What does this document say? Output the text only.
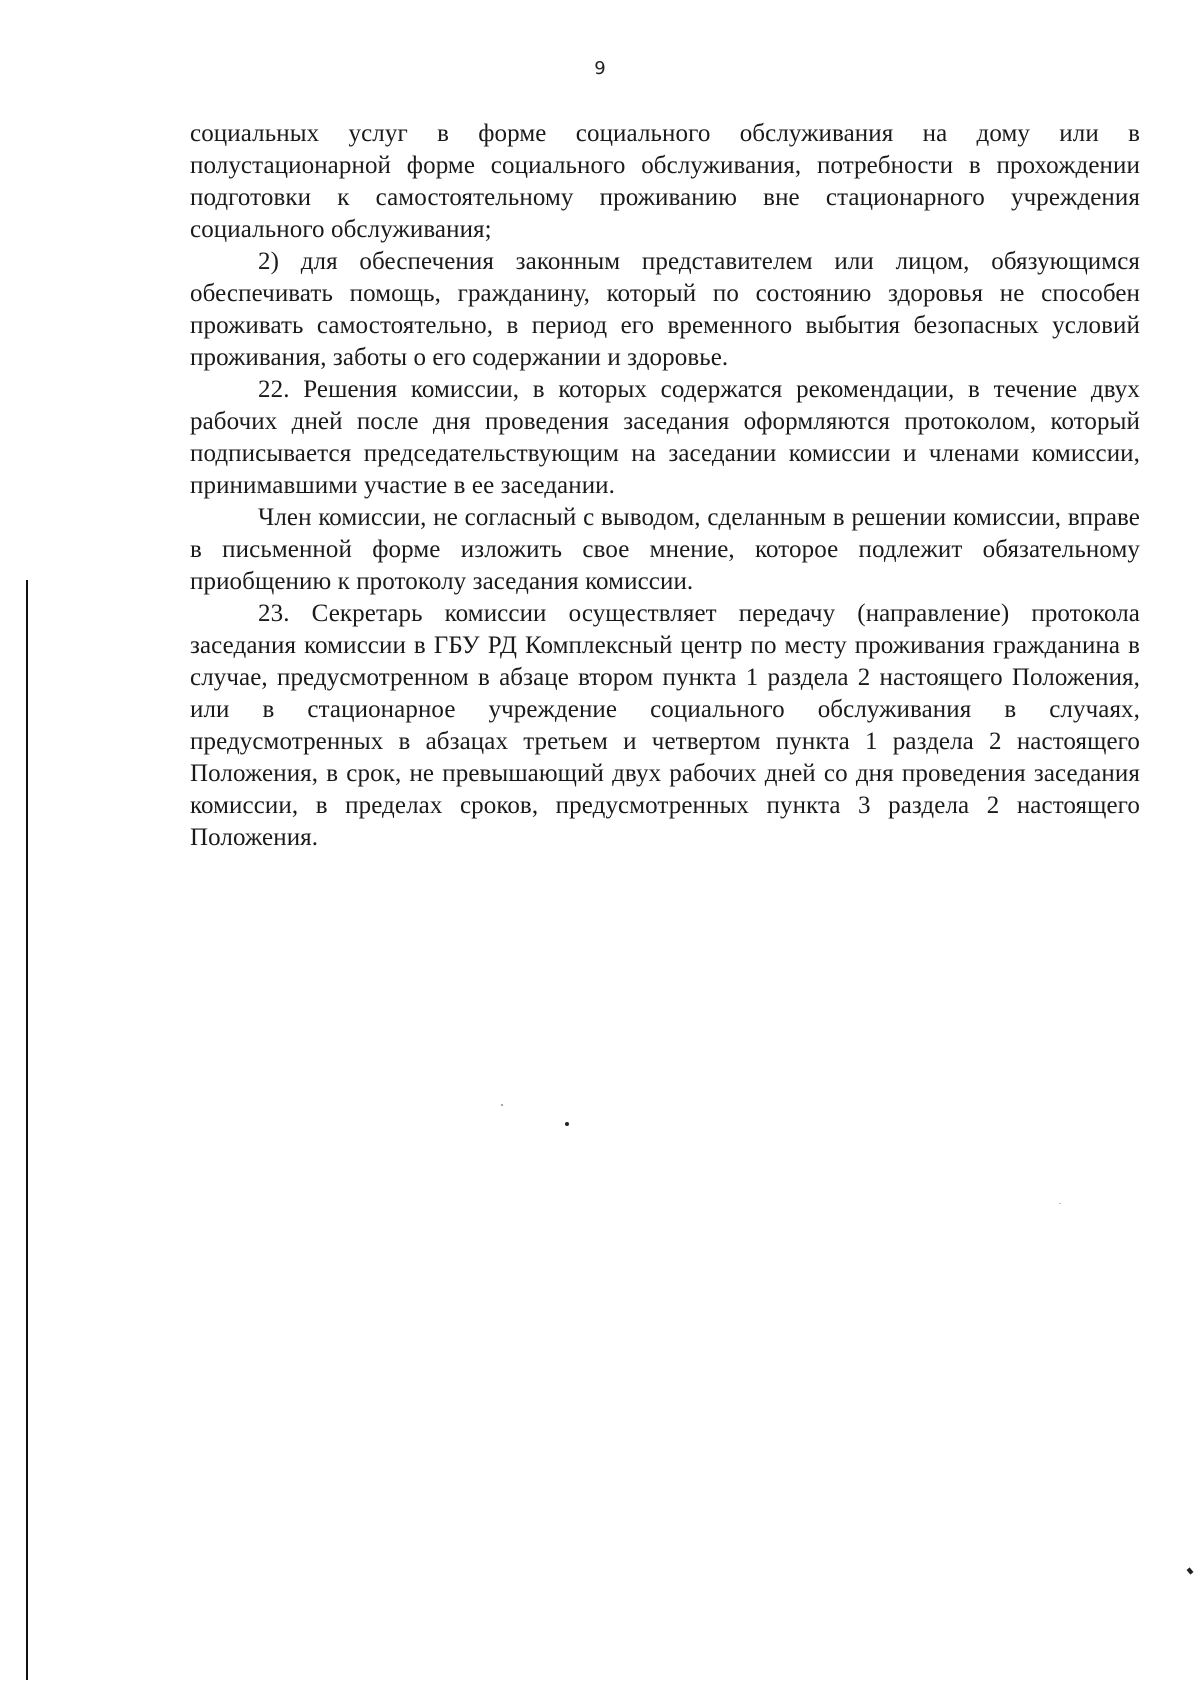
9

социальных услуг в форме социального обслуживания на дому или в полустационарной форме социального обслуживания, потребности в прохождении подготовки к самостоятельному проживанию вне стационарного учреждения социального обслуживания;

2) для обеспечения законным представителем или лицом, обязующимся обеспечивать помощь, гражданину, который по состоянию здоровья не способен проживать самостоятельно, в период его временного выбытия безопасных условий проживания, заботы о его содержании и здоровье.

22. Решения комиссии, в которых содержатся рекомендации, в течение двух рабочих дней после дня проведения заседания оформляются протоколом, который подписывается председательствующим на заседании комиссии и членами комиссии, принимавшими участие в ее заседании.

Член комиссии, не согласный с выводом, сделанным в решении комиссии, вправе в письменной форме изложить свое мнение, которое подлежит обязательному приобщению к протоколу заседания комиссии.

23. Секретарь комиссии осуществляет передачу (направление) протокола заседания комиссии в ГБУ РД Комплексный центр по месту проживания гражданина в случае, предусмотренном в абзаце втором пункта 1 раздела 2 настоящего Положения, или в стационарное учреждение социального обслуживания в случаях, предусмотренных в абзацах третьем и четвертом пункта 1 раздела 2 настоящего Положения, в срок, не превышающий двух рабочих дней со дня проведения заседания комиссии, в пределах сроков, предусмотренных пункта 3 раздела 2 настоящего Положения.
